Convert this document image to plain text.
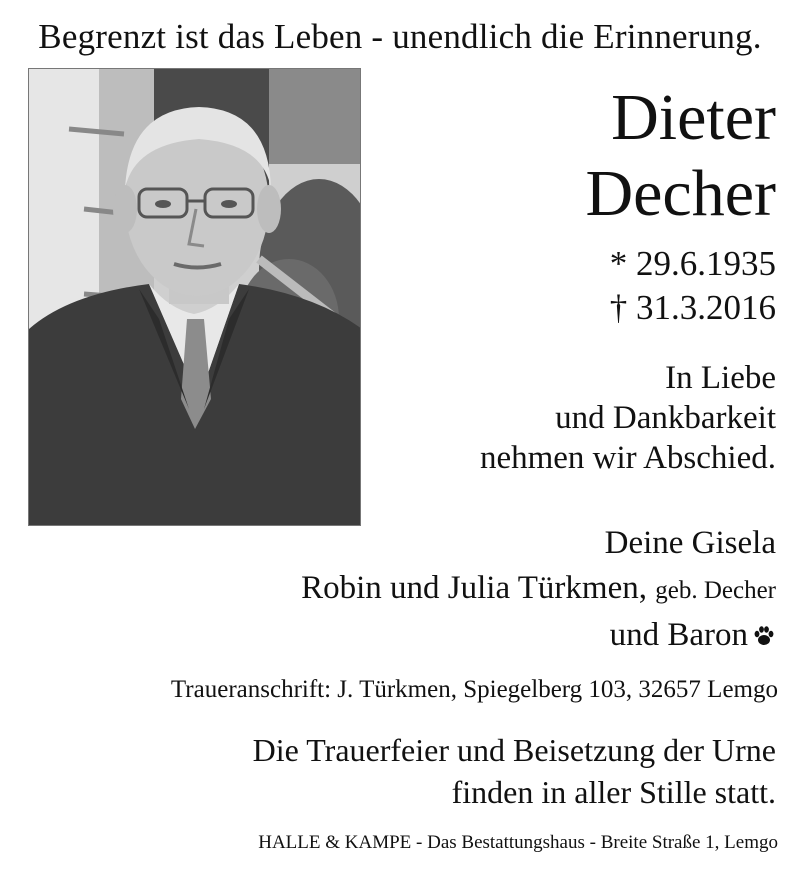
Begrenzt ist das Leben - unendlich die Erinnerung.
Dieter
Decher
* 29.6.1935
† 31.3.2016
In Liebe
und Dankbarkeit
nehmen wir Abschied.
Deine Gisela
Robin und Julia Türkmen, geb. Decher
und Baron
Traueranschrift: J. Türkmen, Spiegelberg 103, 32657 Lemgo
Die Trauerfeier und Beisetzung der Urne
finden in aller Stille statt.
HALLE & KAMPE - Das Bestattungshaus - Breite Straße 1, Lemgo
